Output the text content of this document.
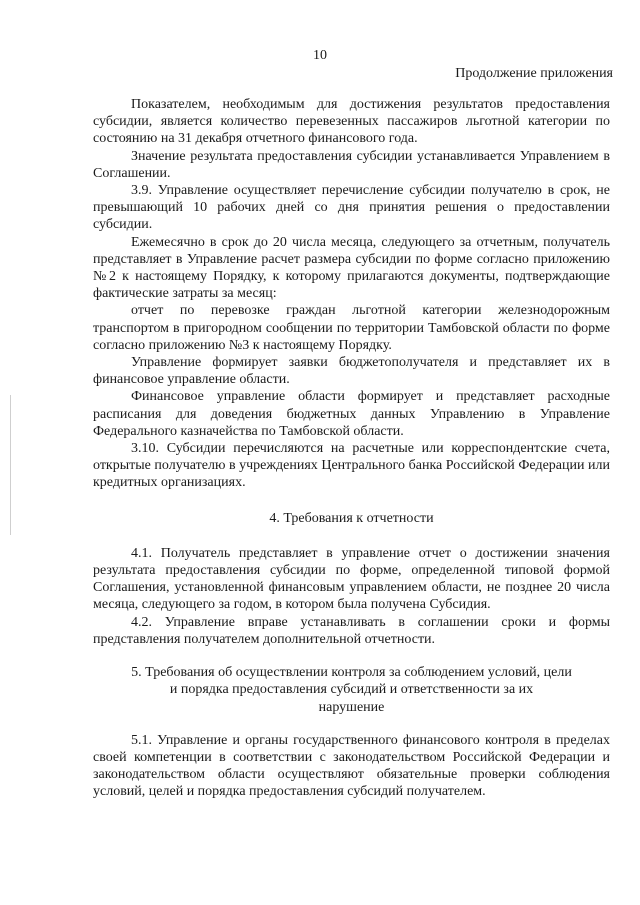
10
Продолжение приложения

Показателем, необходимым для достижения результатов предоставления субсидии, является количество перевезенных пассажиров льготной категории по состоянию на 31 декабря отчетного финансового года.

Значение результата предоставления субсидии устанавливается Управлением в Соглашении.

3.9. Управление осуществляет перечисление субсидии получателю в срок, не превышающий 10 рабочих дней со дня принятия решения о предоставлении субсидии.

Ежемесячно в срок до 20 числа месяца, следующего за отчетным, получатель представляет в Управление расчет размера субсидии по форме согласно приложению №2 к настоящему Порядку, к которому прилагаются документы, подтверждающие фактические затраты за месяц:

отчет по перевозке граждан льготной категории железнодорожным транспортом в пригородном сообщении по территории Тамбовской области по форме согласно приложению №3 к настоящему Порядку.

Управление формирует заявки бюджетополучателя и представляет их в финансовое управление области.

Финансовое управление области формирует и представляет расходные расписания для доведения бюджетных данных Управлению в Управление Федерального казначейства по Тамбовской области.

3.10. Субсидии перечисляются на расчетные или корреспондентские счета, открытые получателю в учреждениях Центрального банка Российской Федерации или кредитных организациях.

4. Требования к отчетности

4.1. Получатель представляет в управление отчет о достижении значения результата предоставления субсидии по форме, определенной типовой формой Соглашения, установленной финансовым управлением области, не позднее 20 числа месяца, следующего за годом, в котором была получена Субсидия.

4.2. Управление вправе устанавливать в соглашении сроки и формы представления получателем дополнительной отчетности.

5. Требования об осуществлении контроля за соблюдением условий, цели

и порядка предоставления субсидий и ответственности за их

нарушение

5.1. Управление и органы государственного финансового контроля в пределах своей компетенции в соответствии с законодательством Российской Федерации и законодательством области осуществляют обязательные проверки соблюдения условий, целей и порядка предоставления субсидий получателем.
